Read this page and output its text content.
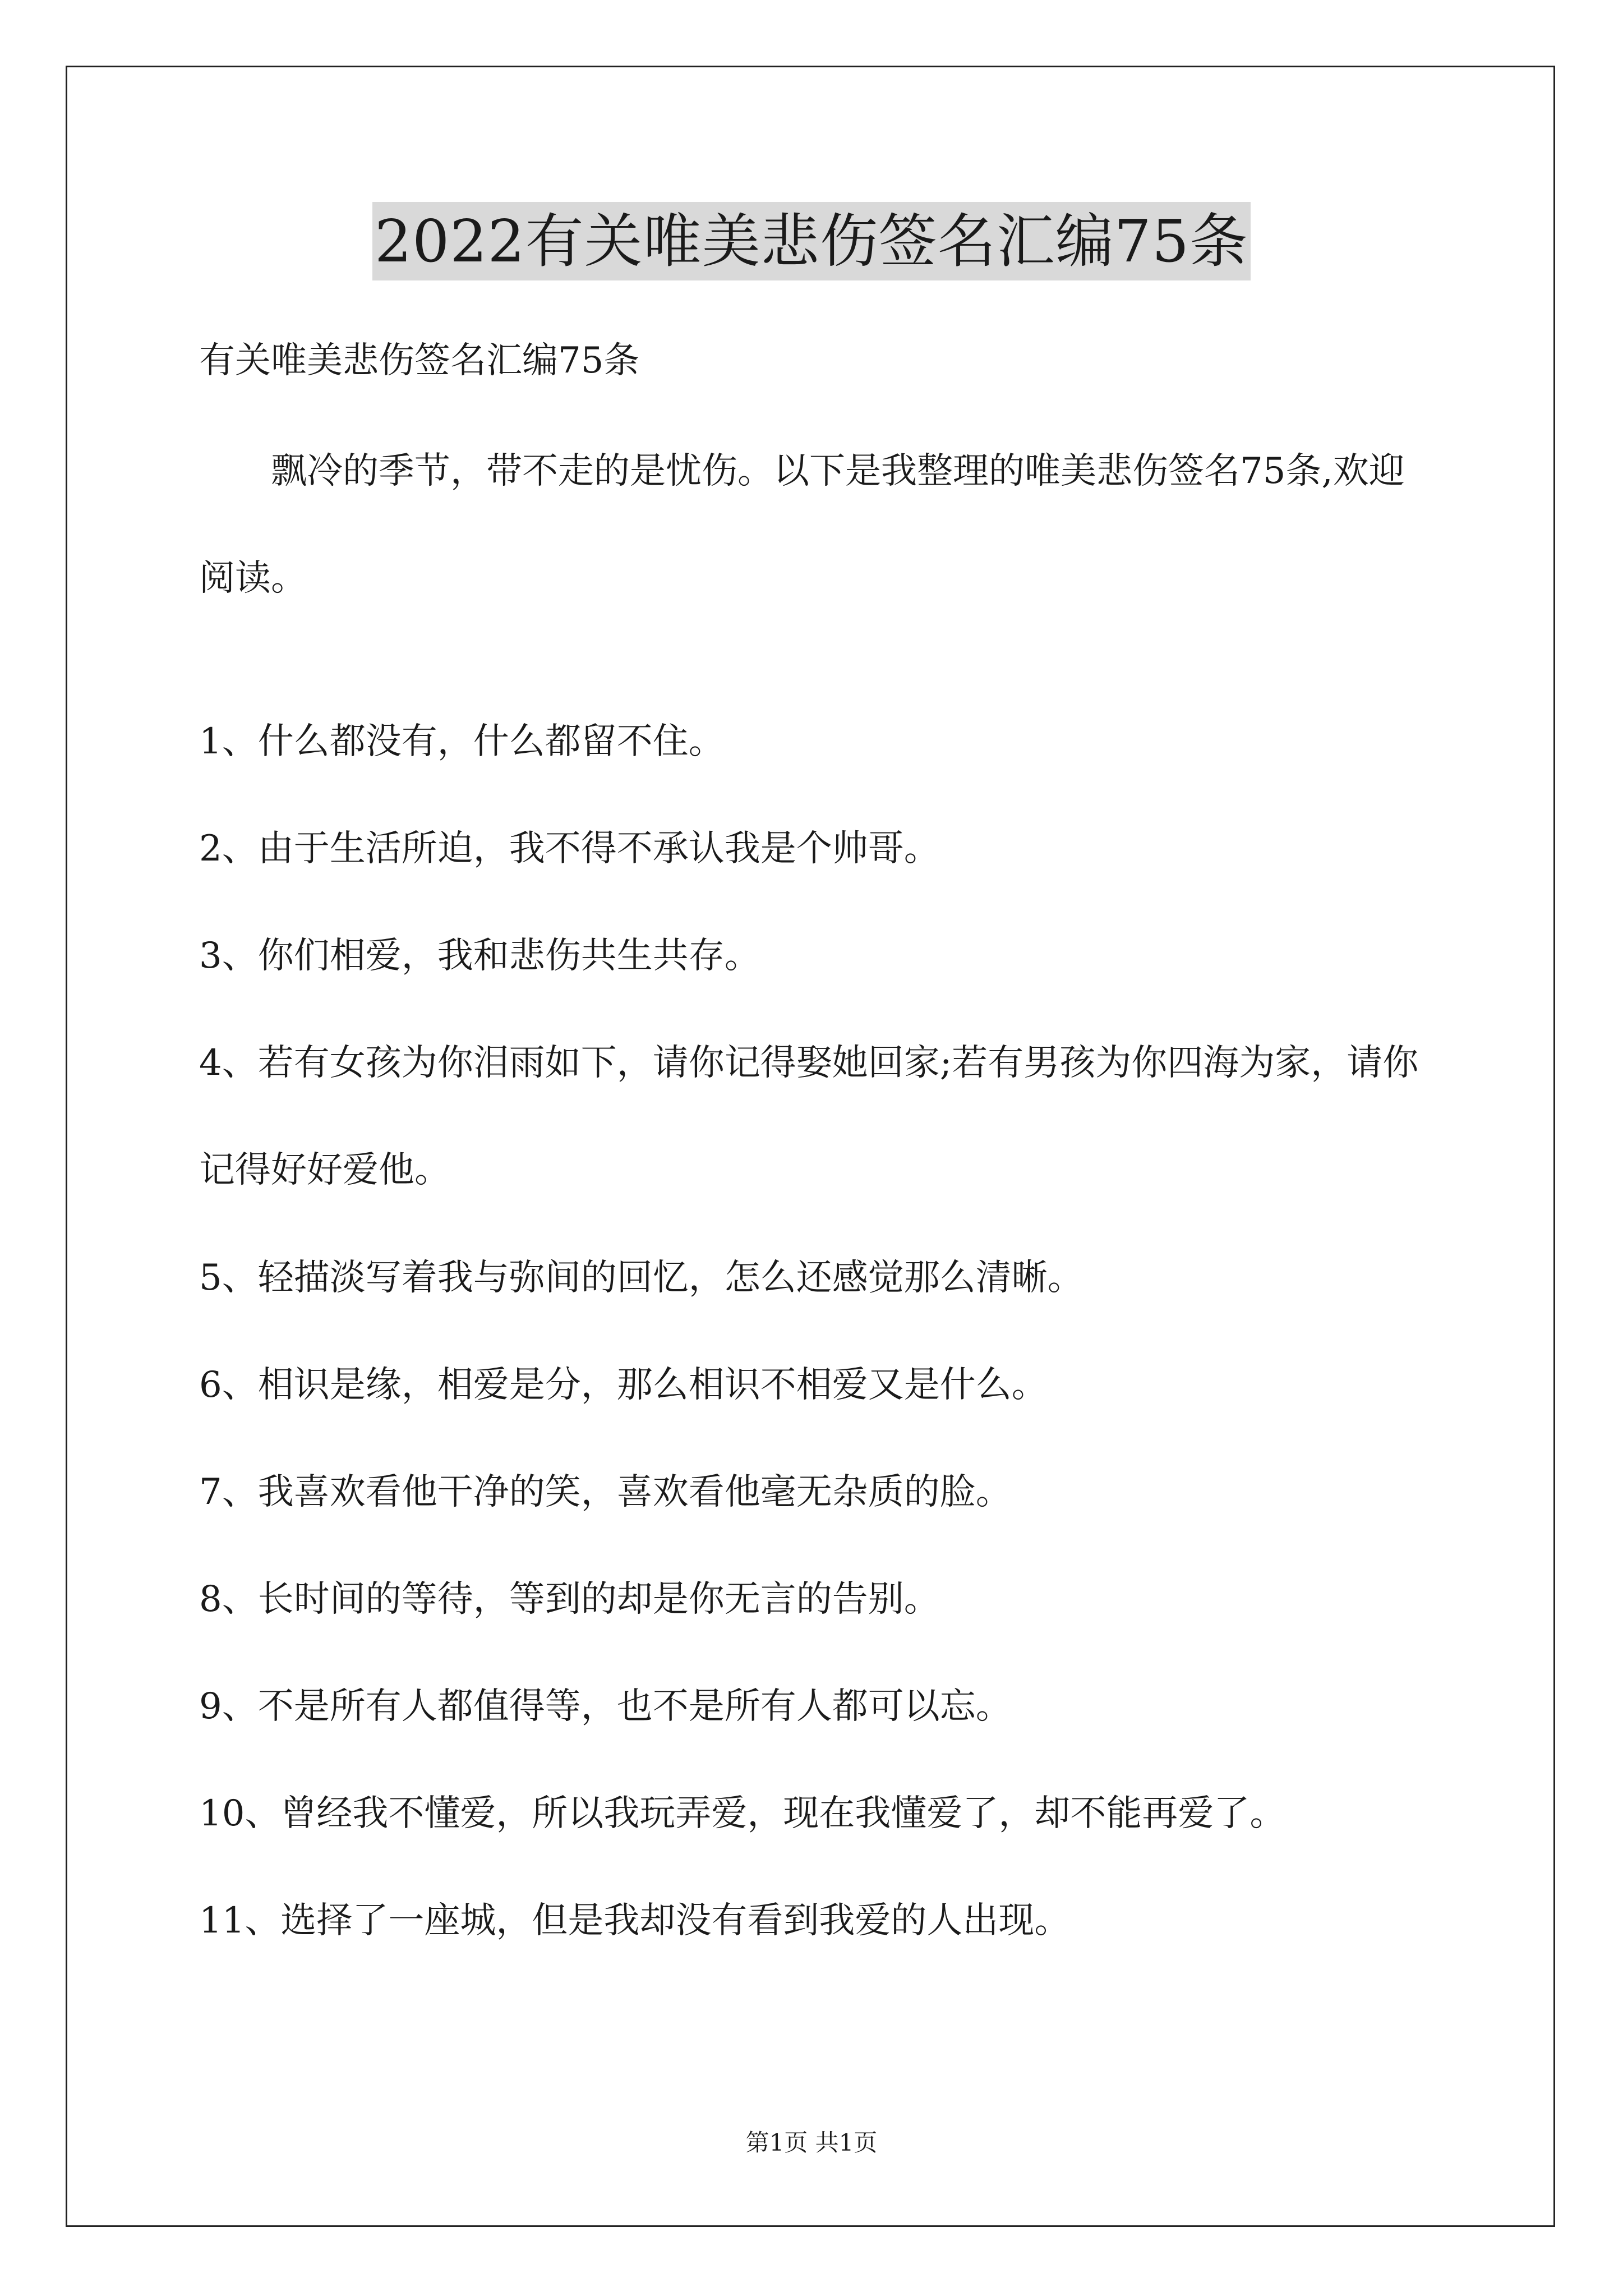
2022有关唯美悲伤签名汇编75条

有关唯美悲伤签名汇编75条

飘冷的季节，带不走的是忧伤。以下是我整理的唯美悲伤签名75条,欢迎阅读。

1、什么都没有，什么都留不住。
2、由于生活所迫，我不得不承认我是个帅哥。
3、你们相爱，我和悲伤共生共存。
4、若有女孩为你泪雨如下，请你记得娶她回家;若有男孩为你四海为家，请你记得好好爱他。
5、轻描淡写着我与弥间的回忆，怎么还感觉那么清晰。
6、相识是缘，相爱是分，那么相识不相爱又是什么。
7、我喜欢看他干净的笑，喜欢看他毫无杂质的脸。
8、长时间的等待，等到的却是你无言的告别。
9、不是所有人都值得等，也不是所有人都可以忘。
10、曾经我不懂爱，所以我玩弄爱，现在我懂爱了，却不能再爱了。
11、选择了一座城，但是我却没有看到我爱的人出现。
第1页 共1页
